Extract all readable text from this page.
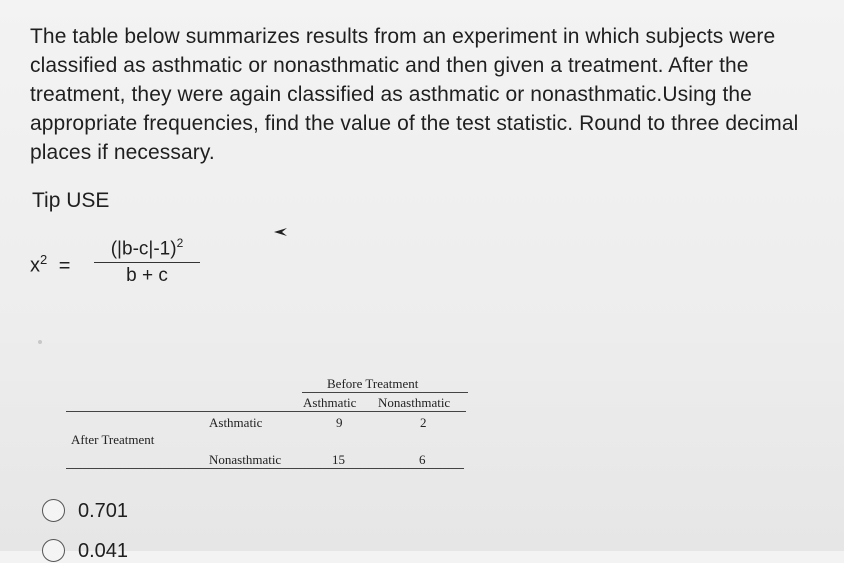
The table below summarizes results from an experiment in which subjects were

classified as asthmatic or nonasthmatic and then given a treatment. After the

treatment, they were again classified as asthmatic or nonasthmatic.Using the

appropriate frequencies, find the value of the test statistic. Round to three decimal

places if necessary.

Tip USE
$x^2 = \frac{(|b-c|-1)^2}{b + c}$
Before Treatment
Asthmatic Nonasthmatic
Asthmatic	9	2
After Treatment
Nonasthmatic	15	6
0.701
0.041
